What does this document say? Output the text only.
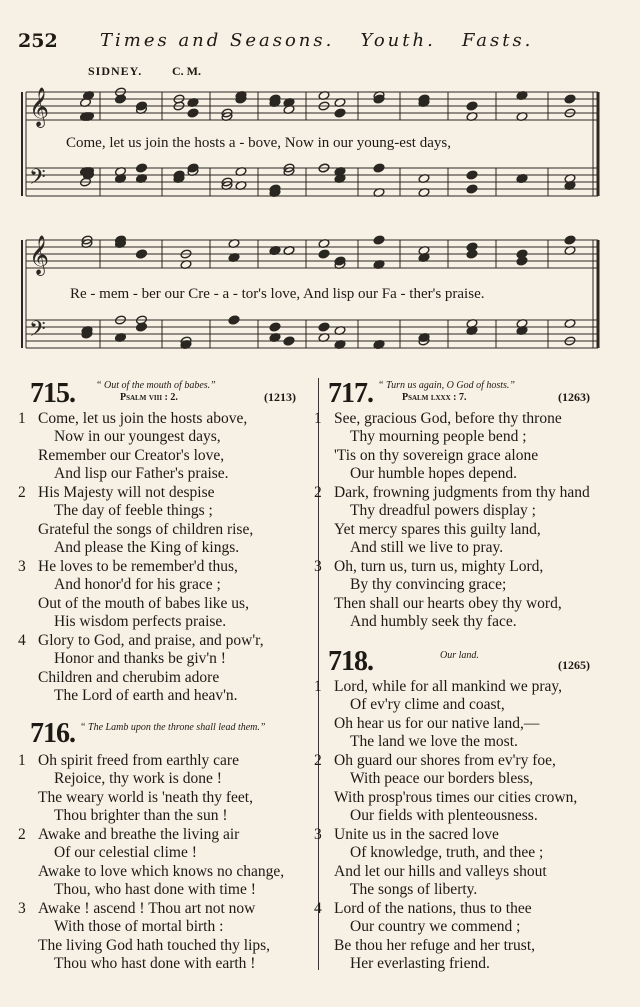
252 Times and Seasons.   Youth.   Fasts.
SIDNEY. C. M.
𝄞
𝄢
𝄞
𝄢
Come, let us join the hosts a - bove, Now in our young-est days,
Re - mem - ber our Cre - a - tor's love, And lisp our Fa - ther's praise.
715. “ Out of the mouth of babes.”
Psalm viii : 2.	(1213)
1 Come, let us join the hosts above,
Now in our youngest days,
Remember our Creator's love,
And lisp our Father's praise.
2 His Majesty will not despise
The day of feeble things ;
Grateful the songs of children rise,
And please the King of kings.
3 He loves to be remember'd thus,
And honor'd for his grace ;
Out of the mouth of babes like us,
His wisdom perfects praise.
4 Glory to God, and praise, and pow'r,
Honor and thanks be giv'n !
Children and cherubim adore
The Lord of earth and heav'n.
716. “ The Lamb upon the throne shall lead them.”
1 Oh spirit freed from earthly care
Rejoice, thy work is done !
The weary world is 'neath thy feet,
Thou brighter than the sun !
2 Awake and breathe the living air
Of our celestial clime !
Awake to love which knows no change,
Thou, who hast done with time !
3 Awake ! ascend ! Thou art not now
With those of mortal birth :
The living God hath touched thy lips,
Thou who hast done with earth !
717. “ Turn us again, O God of hosts.”
Psalm lxxx : 7.	(1263)
1 See, gracious God, before thy throne
Thy mourning people bend ;
'Tis on thy sovereign grace alone
Our humble hopes depend.
2 Dark, frowning judgments from thy hand
Thy dreadful powers display ;
Yet mercy spares this guilty land,
And still we live to pray.
3 Oh, turn us, turn us, mighty Lord,
By thy convincing grace;
Then shall our hearts obey thy word,
And humbly seek thy face.
718.	Our land.
(1265)
1 Lord, while for all mankind we pray,
Of ev'ry clime and coast,
Oh hear us for our native land,—
The land we love the most.
2 Oh guard our shores from ev'ry foe,
With peace our borders bless,
With prosp'rous times our cities crown,
Our fields with plenteousness.
3 Unite us in the sacred love
Of knowledge, truth, and thee ;
And let our hills and valleys shout
The songs of liberty.
4 Lord of the nations, thus to thee
Our country we commend ;
Be thou her refuge and her trust,
Her everlasting friend.
